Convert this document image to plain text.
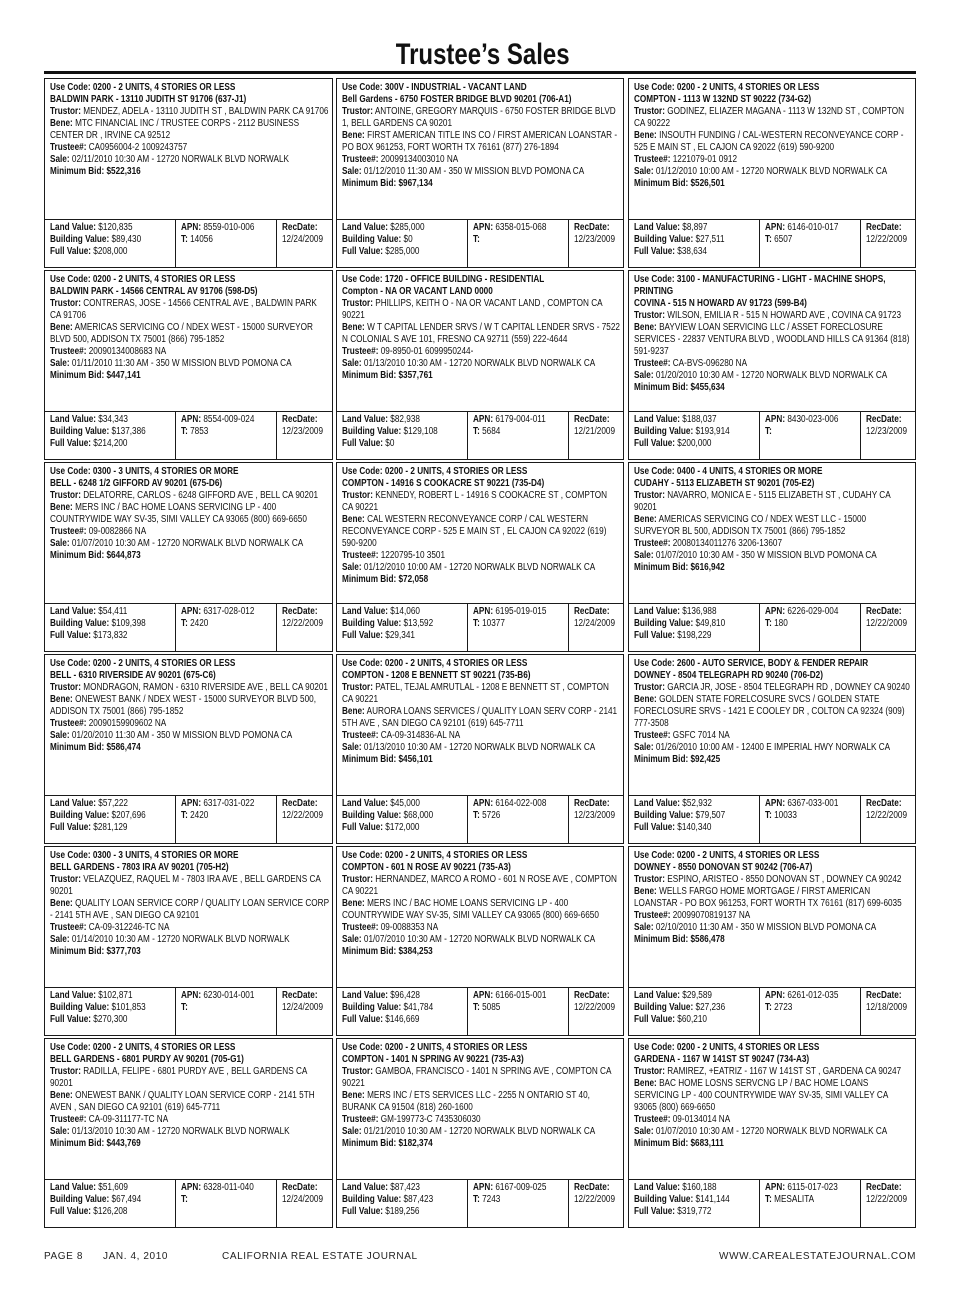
Trustee’s Sales
Use Code: 0200 - 2 UNITS, 4 STORIES OR LESS
BALDWIN PARK - 13110 JUDITH ST 91706 (637-J1)
Trustor: MENDEZ, ADELA - 13110 JUDITH ST , BALDWIN PARK CA 91706
Bene: MTC FINANCIAL INC / TRUSTEE CORPS - 2112 BUSINESS CENTER DR , IRVINE CA 92512
Trustee#: CA0956004-2 1009243757
Sale: 02/11/2010 10:30 AM - 12720 NORWALK BLVD NORWALK
Minimum Bid: $522,316
Land Value: $120,835
Building Value: $89,430
Full Value: $208,000
APN: 8559-010-006
T: 14056
RecDate:
12/24/2009
Use Code: 0200 - 2 UNITS, 4 STORIES OR LESS
BALDWIN PARK - 14566 CENTRAL AV 91706 (598-D5)
Trustor: CONTRERAS, JOSE - 14566 CENTRAL AVE , BALDWIN PARK CA 91706
Bene: AMERICAS SERVICING CO / NDEX WEST - 15000 SURVEYOR BLVD 500, ADDISON TX 75001 (866) 795-1852
Trustee#: 20090134008683 NA
Sale: 01/11/2010 11:30 AM - 350 W MISSION BLVD POMONA CA
Minimum Bid: $447,141
Land Value: $34,343
Building Value: $137,386
Full Value: $214,200
APN: 8554-009-024
T: 7853
RecDate:
12/23/2009
Use Code: 0300 - 3 UNITS, 4 STORIES OR MORE
BELL - 6248 1/2 GIFFORD AV 90201 (675-D6)
Trustor: DELATORRE, CARLOS - 6248 GIFFORD AVE , BELL CA 90201
Bene: MERS INC / BAC HOME LOANS SERVICING LP - 400 COUNTRYWIDE WAY SV-35, SIMI VALLEY CA 93065 (800) 669-6650
Trustee#: 09-0082866 NA
Sale: 01/07/2010 10:30 AM - 12720 NORWALK BLVD NORWALK CA
Minimum Bid: $644,873
Land Value: $54,411
Building Value: $109,398
Full Value: $173,832
APN: 6317-028-012
T: 2420
RecDate:
12/22/2009
Use Code: 0200 - 2 UNITS, 4 STORIES OR LESS
BELL - 6310 RIVERSIDE AV 90201 (675-C6)
Trustor: MONDRAGON, RAMON - 6310 RIVERSIDE AVE , BELL CA 90201
Bene: ONEWEST BANK / NDEX WEST - 15000 SURVEYOR BLVD 500, ADDISON TX 75001 (866) 795-1852
Trustee#: 20090159909602 NA
Sale: 01/20/2010 11:30 AM - 350 W MISSION BLVD POMONA CA
Minimum Bid: $586,474
Land Value: $57,222
Building Value: $207,696
Full Value: $281,129
APN: 6317-031-022
T: 2420
RecDate:
12/22/2009
Use Code: 0300 - 3 UNITS, 4 STORIES OR MORE
BELL GARDENS - 7803 IRA AV 90201 (705-H2)
Trustor: VELAZQUEZ, RAQUEL M - 7803 IRA AVE , BELL GARDENS CA 90201
Bene: QUALITY LOAN SERVICE CORP / QUALITY LOAN SERVICE CORP - 2141 5TH AVE , SAN DIEGO CA 92101
Trustee#: CA-09-312246-TC NA
Sale: 01/14/2010 10:30 AM - 12720 NORWALK BLVD NORWALK
Minimum Bid: $377,703
Land Value: $102,871
Building Value: $101,853
Full Value: $270,300
APN: 6230-014-001
T:
RecDate:
12/24/2009
Use Code: 0200 - 2 UNITS, 4 STORIES OR LESS
BELL GARDENS - 6801 PURDY AV 90201 (705-G1)
Trustor: RADILLA, FELIPE - 6801 PURDY AVE , BELL GARDENS CA 90201
Bene: ONEWEST BANK / QUALITY LOAN SERVICE CORP - 2141 5TH AVEN , SAN DIEGO CA 92101 (619) 645-7711
Trustee#: CA-09-311177-TC NA
Sale: 01/13/2010 10:30 AM - 12720 NORWALK BLVD NORWALK
Minimum Bid: $443,769
Land Value: $51,609
Building Value: $67,494
Full Value: $126,208
APN: 6328-011-040
T:
RecDate:
12/24/2009
Use Code: 300V - INDUSTRIAL - VACANT LAND
Bell Gardens - 6750 FOSTER BRIDGE BLVD 90201 (706-A1)
Trustor: ANTOINE, GREGORY MARQUIS - 6750 FOSTER BRIDGE BLVD 1, BELL GARDENS CA 90201
Bene: FIRST AMERICAN TITLE INS CO / FIRST AMERICAN LOANSTAR - PO BOX 961253, FORT WORTH TX 76161 (877) 276-1894
Trustee#: 20099134003010 NA
Sale: 01/12/2010 11:30 AM - 350 W MISSION BLVD POMONA CA
Minimum Bid: $967,134
Land Value: $285,000
Building Value: $0
Full Value: $285,000
APN: 6358-015-068
T:
RecDate:
12/23/2009
Use Code: 1720 - OFFICE BUILDING - RESIDENTIAL
Compton - NA OR VACANT LAND 0000
Trustor: PHILLIPS, KEITH O - NA OR VACANT LAND , COMPTON CA 90221
Bene: W T CAPITAL LENDER SRVS / W T CAPITAL LENDER SRVS - 7522 N COLONIAL S AVE 101, FRESNO CA 92711 (559) 222-4644
Trustee#: 09-8950-01 6099950244-
Sale: 01/13/2010 10:30 AM - 12720 NORWALK BLVD NORWALK CA
Minimum Bid: $357,761
Land Value: $82,938
Building Value: $129,108
Full Value: $0
APN: 6179-004-011
T: 5684
RecDate:
12/21/2009
Use Code: 0200 - 2 UNITS, 4 STORIES OR LESS
COMPTON - 14916 S COOKACRE ST 90221 (735-D4)
Trustor: KENNEDY, ROBERT L - 14916 S COOKACRE ST , COMPTON CA 90221
Bene: CAL WESTERN RECONVEYANCE CORP / CAL WESTERN RECONVEYANCE CORP - 525 E MAIN ST , EL CAJON CA 92022 (619) 590-9200
Trustee#: 1220795-10 3501
Sale: 01/12/2010 10:00 AM - 12720 NORWALK BLVD NORWALK CA
Minimum Bid: $72,058
Land Value: $14,060
Building Value: $13,592
Full Value: $29,341
APN: 6195-019-015
T: 10377
RecDate:
12/24/2009
Use Code: 0200 - 2 UNITS, 4 STORIES OR LESS
COMPTON - 1208 E BENNETT ST 90221 (735-B6)
Trustor: PATEL, TEJAL AMRUTLAL - 1208 E BENNETT ST , COMPTON CA 90221
Bene: AURORA LOANS SERVICES / QUALITY LOAN SERV CORP - 2141 5TH AVE , SAN DIEGO CA 92101 (619) 645-7711
Trustee#: CA-09-314836-AL NA
Sale: 01/13/2010 10:30 AM - 12720 NORWALK BLVD NORWALK CA
Minimum Bid: $456,101
Land Value: $45,000
Building Value: $68,000
Full Value: $172,000
APN: 6164-022-008
T: 5726
RecDate:
12/23/2009
Use Code: 0200 - 2 UNITS, 4 STORIES OR LESS
COMPTON - 601 N ROSE AV 90221 (735-A3)
Trustor: HERNANDEZ, MARCO A ROMO - 601 N ROSE AVE , COMPTON CA 90221
Bene: MERS INC / BAC HOME LOANS SERVICING LP - 400 COUNTRYWIDE WAY SV-35, SIMI VALLEY CA 93065 (800) 669-6650
Trustee#: 09-0088353 NA
Sale: 01/07/2010 10:30 AM - 12720 NORWALK BLVD NORWALK CA
Minimum Bid: $384,253
Land Value: $96,428
Building Value: $41,784
Full Value: $146,669
APN: 6166-015-001
T: 5085
RecDate:
12/22/2009
Use Code: 0200 - 2 UNITS, 4 STORIES OR LESS
COMPTON - 1401 N SPRING AV 90221 (735-A3)
Trustor: GAMBOA, FRANCISCO - 1401 N SPRING AVE , COMPTON CA 90221
Bene: MERS INC / ETS SERVICES LLC - 2255 N ONTARIO ST 40, BURANK CA 91504 (818) 260-1600
Trustee#: GM-199773-C 7435306030
Sale: 01/21/2010 10:30 AM - 12720 NORWALK BLVD NORWALK CA
Minimum Bid: $182,374
Land Value: $87,423
Building Value: $87,423
Full Value: $189,256
APN: 6167-009-025
T: 7243
RecDate:
12/22/2009
Use Code: 0200 - 2 UNITS, 4 STORIES OR LESS
COMPTON - 1113 W 132ND ST 90222 (734-G2)
Trustor: GODINEZ, ELIAZER MAGANA - 1113 W 132ND ST , COMPTON CA 90222
Bene: INSOUTH FUNDING / CAL-WESTERN RECONVEYANCE CORP - 525 E MAIN ST , EL CAJON CA 92022 (619) 590-9200
Trustee#: 1221079-01 0912
Sale: 01/12/2010 10:00 AM - 12720 NORWALK BLVD NORWALK CA
Minimum Bid: $526,501
Land Value: $8,897
Building Value: $27,511
Full Value: $38,634
APN: 6146-010-017
T: 6507
RecDate:
12/22/2009
Use Code: 3100 - MANUFACTURING - LIGHT - MACHINE SHOPS, PRINTING
COVINA - 515 N HOWARD AV 91723 (599-B4)
Trustor: WILSON, EMILIA R - 515 N HOWARD AVE , COVINA CA 91723
Bene: BAYVIEW LOAN SERVICING LLC / ASSET FORECLOSURE SERVICES - 22837 VENTURA BLVD , WOODLAND HILLS CA 91364 (818) 591-9237
Trustee#: CA-BVS-096280 NA
Sale: 01/20/2010 10:30 AM - 12720 NORWALK BLVD NORWALK CA
Minimum Bid: $455,634
Land Value: $188,037
Building Value: $193,914
Full Value: $200,000
APN: 8430-023-006
T:
RecDate:
12/23/2009
Use Code: 0400 - 4 UNITS, 4 STORIES OR MORE
CUDAHY - 5113 ELIZABETH ST 90201 (705-E2)
Trustor: NAVARRO, MONICA E - 5115 ELIZABETH ST , CUDAHY CA 90201
Bene: AMERICAS SERVICING CO / NDEX WEST LLC - 15000 SURVEYOR BL 500, ADDISON TX 75001 (866) 795-1852
Trustee#: 20080134011276 3206-13607
Sale: 01/07/2010 10:30 AM - 350 W MISSION BLVD POMONA CA
Minimum Bid: $616,942
Land Value: $136,988
Building Value: $49,810
Full Value: $198,229
APN: 6226-029-004
T: 180
RecDate:
12/22/2009
Use Code: 2600 - AUTO SERVICE, BODY & FENDER REPAIR
DOWNEY - 8504 TELEGRAPH RD 90240 (706-D2)
Trustor: GARCIA JR, JOSE - 8504 TELEGRAPH RD , DOWNEY CA 90240
Bene: GOLDEN STATE FORELCOSURE SVCS / GOLDEN STATE FORECLOSURE SRVS - 1421 E COOLEY DR , COLTON CA 92324 (909) 777-3508
Trustee#: GSFC 7014 NA
Sale: 01/26/2010 10:00 AM - 12400 E IMPERIAL HWY NORWALK CA
Minimum Bid: $92,425
Land Value: $52,932
Building Value: $79,507
Full Value: $140,340
APN: 6367-033-001
T: 10033
RecDate:
12/22/2009
Use Code: 0200 - 2 UNITS, 4 STORIES OR LESS
DOWNEY - 8550 DONOVAN ST 90242 (706-A7)
Trustor: ESPINO, ARISTEO - 8550 DONOVAN ST , DOWNEY CA 90242
Bene: WELLS FARGO HOME MORTGAGE / FIRST AMERICAN LOANSTAR - PO BOX 961253, FORT WORTH TX 76161 (817) 699-6035
Trustee#: 20099070819137 NA
Sale: 02/10/2010 11:30 AM - 350 W MISSION BLVD POMONA CA
Minimum Bid: $586,478
Land Value: $29,589
Building Value: $27,236
Full Value: $60,210
APN: 6261-012-035
T: 2723
RecDate:
12/18/2009
Use Code: 0200 - 2 UNITS, 4 STORIES OR LESS
GARDENA - 1167 W 141ST ST 90247 (734-A3)
Trustor: RAMIREZ, +EATRIZ - 1167 W 141ST ST , GARDENA CA 90247
Bene: BAC HOME LOSNS SERVCNG LP / BAC HOME LOANS SERVICING LP - 400 COUNTRYWIDE WAY SV-35, SIMI VALLEY CA 93065 (800) 669-6650
Trustee#: 09-0134014 NA
Sale: 01/07/2010 10:30 AM - 12720 NORWALK BLVD NORWALK CA
Minimum Bid: $683,111
Land Value: $160,188
Building Value: $141,144
Full Value: $319,772
APN: 6115-017-023
T: MESALITA
RecDate:
12/22/2009
PAGE 8 JAN. 4, 2010	CALIFORNIA REAL ESTATE JOURNAL	WWW.CAREALESTATEJOURNAL.COM
